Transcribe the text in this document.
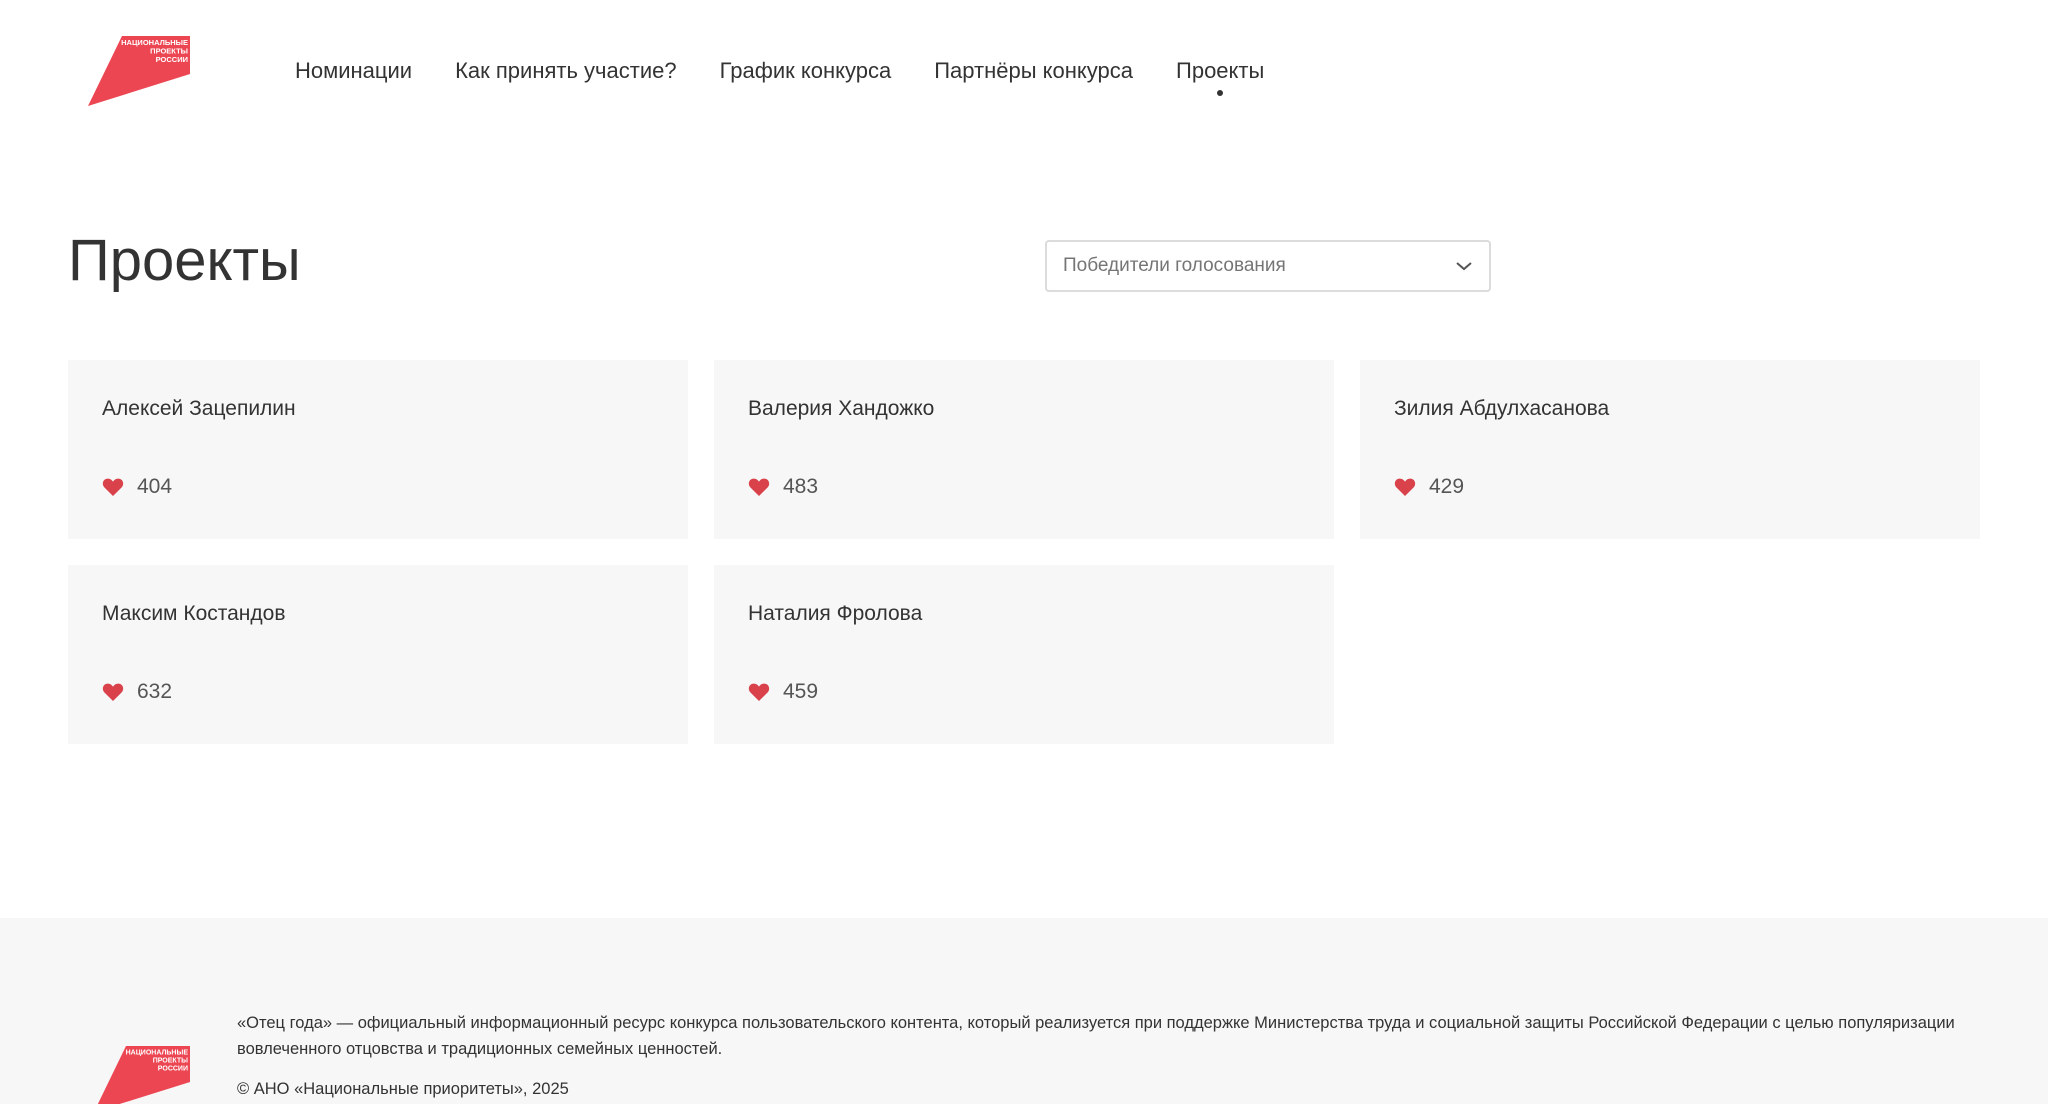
НАЦИОНАЛЬНЫЕ
ПРОЕКТЫ
РОССИИ	Номинации Как принять участие? График конкурса Партнёры конкурса Проекты
Проекты	Победители голосования
Алексей Зацепилин
404
Валерия Хандожко
483
Зилия Абдулхасанова
429
Максим Костандов
632
Наталия Фролова
459
НАЦИОНАЛЬНЫЕ
ПРОЕКТЫ
РОССИИ

«Отец года» — официальный информационный ресурс конкурса пользовательского контента, который реализуется при поддержке Министерства труда и социальной защиты Российской Федерации с целью популяризации вовлеченного отцовства и традиционных семейных ценностей.

© АНО «Национальные приоритеты», 2025
